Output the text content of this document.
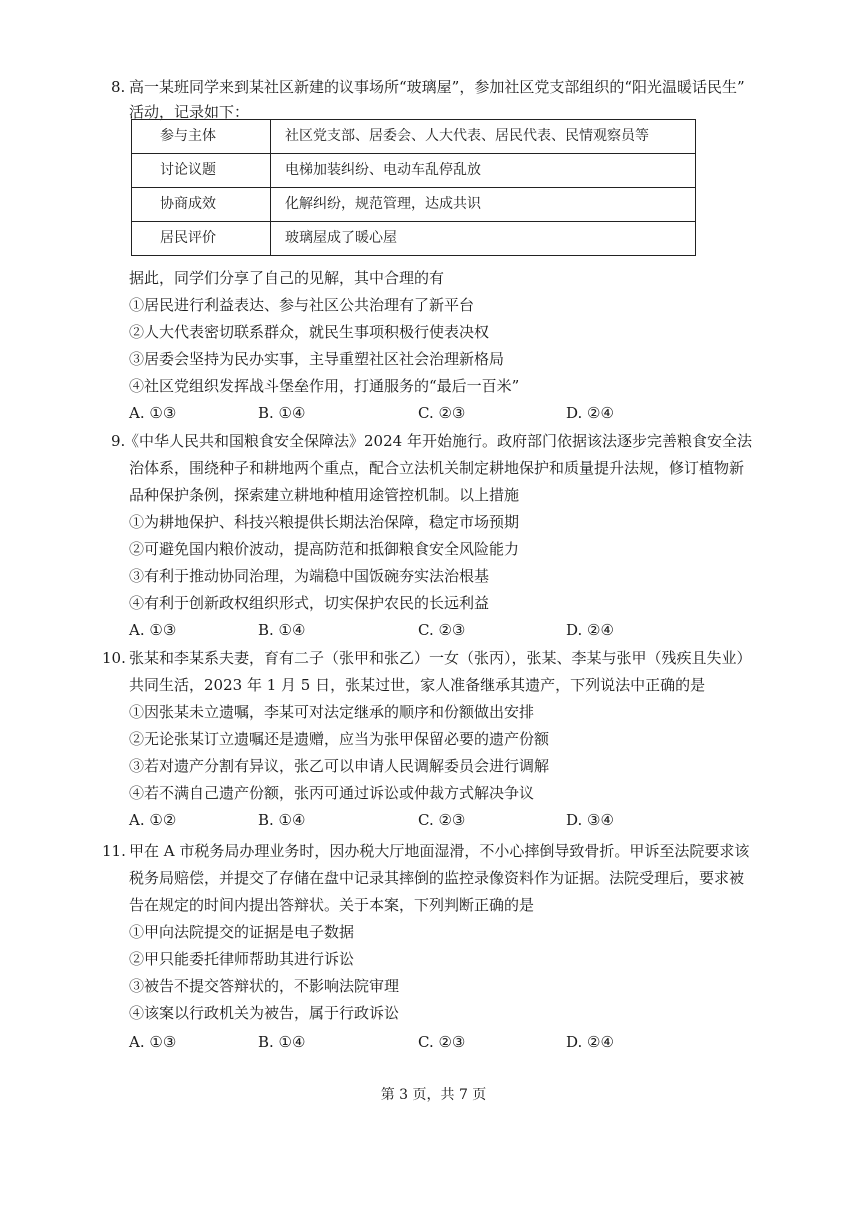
8. 高一某班同学来到某社区新建的议事场所“玻璃屋”，参加社区党支部组织的“阳光温暖话民生”
活动，记录如下：
参与主体	社区党支部、居委会、人大代表、居民代表、民情观察员等
讨论议题	电梯加装纠纷、电动车乱停乱放
协商成效	化解纠纷，规范管理，达成共识
居民评价	玻璃屋成了暖心屋
据此，同学们分享了自己的见解，其中合理的有
①居民进行利益表达、参与社区公共治理有了新平台
②人大代表密切联系群众，就民生事项积极行使表决权
③居委会坚持为民办实事，主导重塑社区社会治理新格局
④社区党组织发挥战斗堡垒作用，打通服务的“最后一百米”
A. ①③	B. ①④	C. ②③	D. ②④
9.
《中华人民共和国粮食安全保障法》2024 年开始施行。政府部门依据该法逐步完善粮食安全法
治体系，围绕种子和耕地两个重点，配合立法机关制定耕地保护和质量提升法规，修订植物新
品种保护条例，探索建立耕地种植用途管控机制。以上措施
①为耕地保护、科技兴粮提供长期法治保障，稳定市场预期
②可避免国内粮价波动，提高防范和抵御粮食安全风险能力
③有利于推动协同治理，为端稳中国饭碗夯实法治根基
④有利于创新政权组织形式，切实保护农民的长远利益
A. ①③	B. ①④	C. ②③	D. ②④
10. 张某和李某系夫妻，育有二子（张甲和张乙）一女（张丙），张某、李某与张甲（残疾且失业）
共同生活，2023 年 1 月 5 日，张某过世，家人准备继承其遗产，下列说法中正确的是
①因张某未立遗嘱，李某可对法定继承的顺序和份额做出安排
②无论张某订立遗嘱还是遗赠，应当为张甲保留必要的遗产份额
③若对遗产分割有异议，张乙可以申请人民调解委员会进行调解
④若不满自己遗产份额，张丙可通过诉讼或仲裁方式解决争议
A. ①②	B. ①④	C. ②③	D. ③④
11. 甲在 A 市税务局办理业务时，因办税大厅地面湿滑，不小心摔倒导致骨折。甲诉至法院要求该
税务局赔偿，并提交了存储在盘中记录其摔倒的监控录像资料作为证据。法院受理后，要求被
告在规定的时间内提出答辩状。关于本案，下列判断正确的是
①甲向法院提交的证据是电子数据
②甲只能委托律师帮助其进行诉讼
③被告不提交答辩状的，不影响法院审理
④该案以行政机关为被告，属于行政诉讼
A. ①③	B. ①④	C. ②③	D. ②④
第 3 页，共 7 页
